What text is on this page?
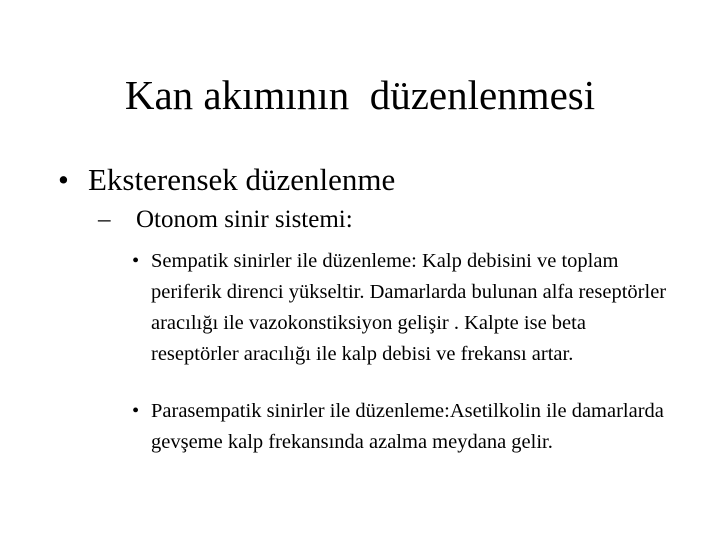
Kan akımının  düzenlenmesi
• Eksterensek düzenlenme
–	Otonom sinir sistemi:
• Sempatik sinirler ile düzenleme: Kalp debisini ve toplam periferik direnci yükseltir. Damarlarda bulunan alfa reseptörler aracılığı ile vazokonstiksiyon gelişir . Kalpte ise beta reseptörler aracılığı ile kalp debisi ve frekansı artar.
• Parasempatik sinirler ile düzenleme:Asetilkolin ile damarlarda gevşeme kalp frekansında azalma meydana gelir.
